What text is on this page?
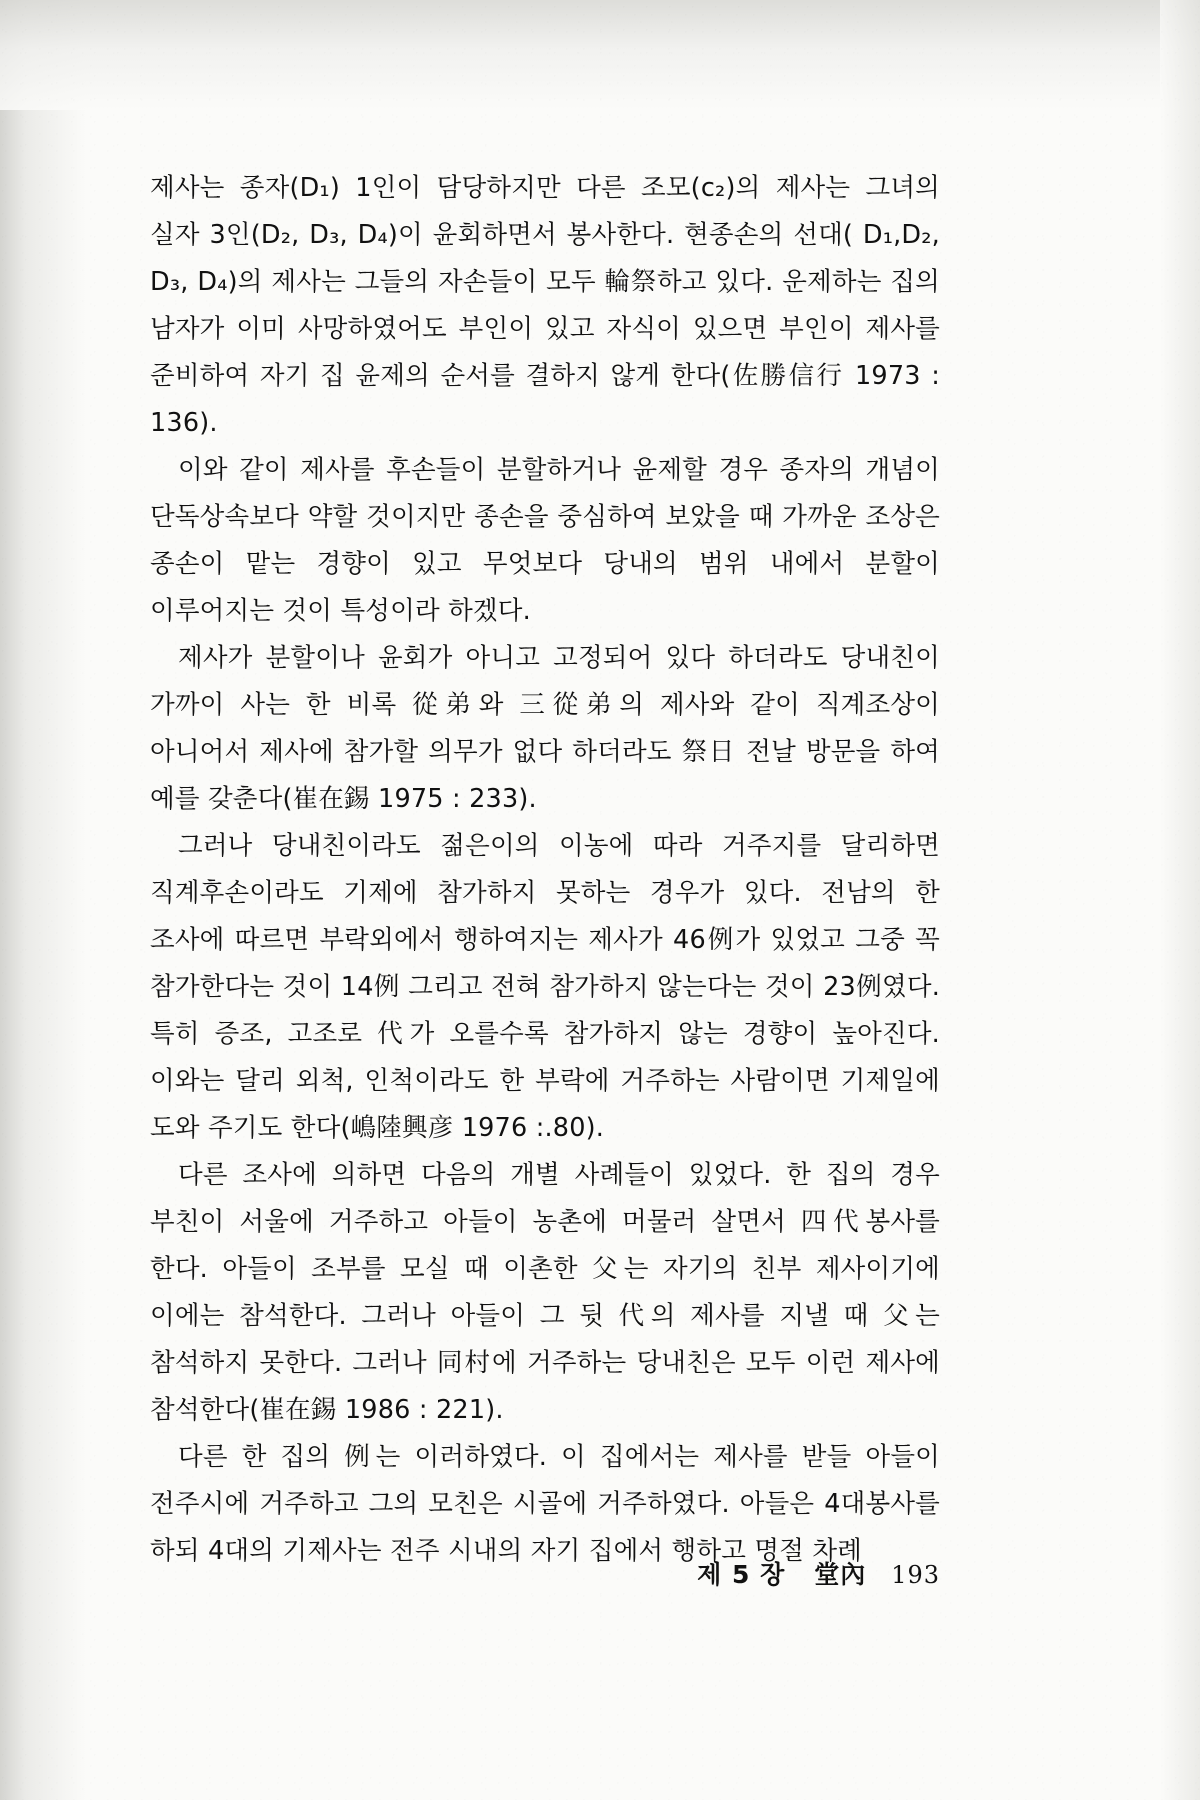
제사는 종자(D₁) 1인이 담당하지만 다른 조모(c₂)의 제사는 그녀의 실자 3인(D₂, D₃, D₄)이 윤회하면서 봉사한다. 현종손의 선대( D₁,D₂, D₃, D₄)의 제사는 그들의 자손들이 모두 輪祭하고 있다. 운제하는 집의 남자가 이미 사망하였어도 부인이 있고 자식이 있으면 부인이 제사를 준비하여 자기 집 윤제의 순서를 결하지 않게 한다(佐勝信行 1973 : 136).

이와 같이 제사를 후손들이 분할하거나 윤제할 경우 종자의 개념이 단독상속보다 약할 것이지만 종손을 중심하여 보았을 때 가까운 조상은 종손이 맡는 경향이 있고 무엇보다 당내의 범위 내에서 분할이 이루어지는 것이 특성이라 하겠다.

제사가 분할이나 윤회가 아니고 고정되어 있다 하더라도 당내친이 가까이 사는 한 비록 從弟와 三從弟의 제사와 같이 직계조상이 아니어서 제사에 참가할 의무가 없다 하더라도 祭日 전날 방문을 하여 예를 갖춘다(崔在錫 1975 : 233).

그러나 당내친이라도 젊은이의 이농에 따라 거주지를 달리하면 직계후손이라도 기제에 참가하지 못하는 경우가 있다. 전남의 한 조사에 따르면 부락외에서 행하여지는 제사가 46例가 있었고 그중 꼭 참가한다는 것이 14例 그리고 전혀 참가하지 않는다는 것이 23例였다. 특히 증조, 고조로 代가 오를수록 참가하지 않는 경향이 높아진다. 이와는 달리 외척, 인척이라도 한 부락에 거주하는 사람이면 기제일에 도와 주기도 한다(嶋陸興彦 1976 :.80).

다른 조사에 의하면 다음의 개별 사례들이 있었다. 한 집의 경우 부친이 서울에 거주하고 아들이 농촌에 머물러 살면서 四代봉사를 한다. 아들이 조부를 모실 때 이촌한 父는 자기의 친부 제사이기에 이에는 참석한다. 그러나 아들이 그 뒷 代의 제사를 지낼 때 父는 참석하지 못한다. 그러나 同村에 거주하는 당내친은 모두 이런 제사에 참석한다(崔在錫 1986 : 221).

다른 한 집의 例는 이러하였다. 이 집에서는 제사를 받들 아들이 전주시에 거주하고 그의 모친은 시골에 거주하였다. 아들은 4대봉사를 하되 4대의 기제사는 전주 시내의 자기 집에서 행하고 명절 차례

제 5 장 堂內 193
